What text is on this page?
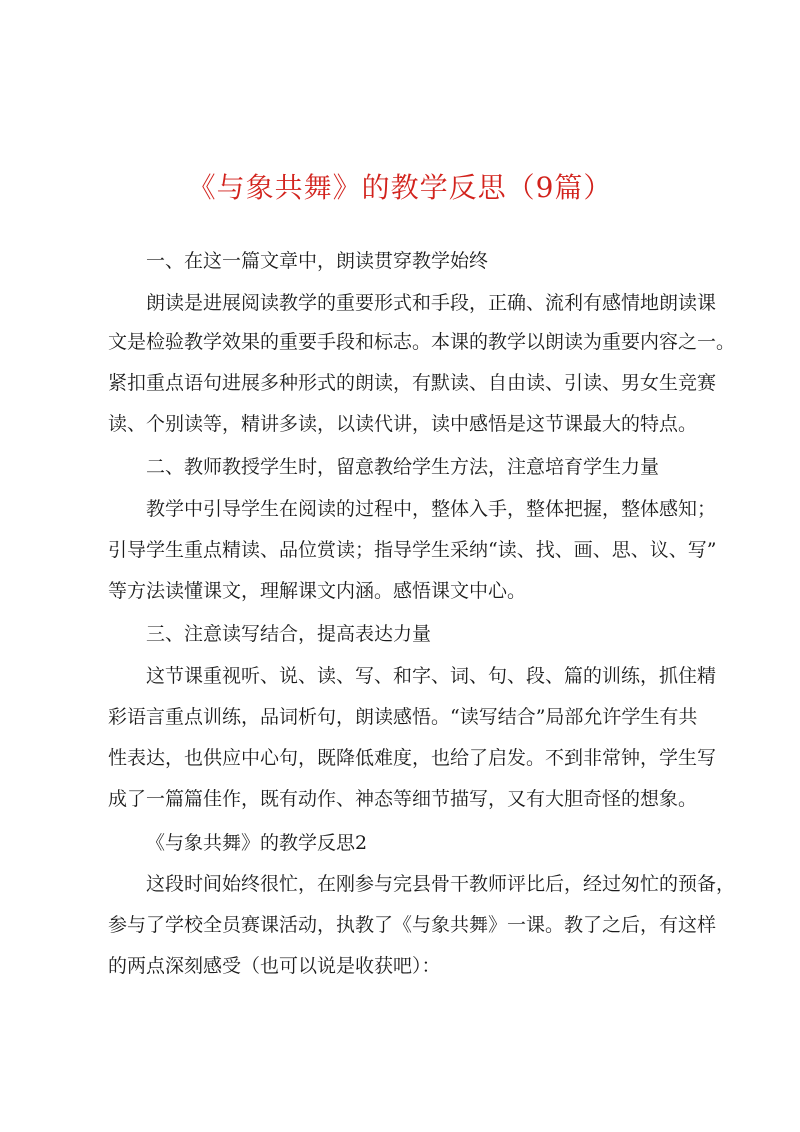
《与象共舞》的教学反思（9篇）
一、在这一篇文章中，朗读贯穿教学始终
朗读是进展阅读教学的重要形式和手段，正确、流利有感情地朗读课
文是检验教学效果的重要手段和标志。本课的教学以朗读为重要内容之一。
紧扣重点语句进展多种形式的朗读，有默读、自由读、引读、男女生竞赛
读、个别读等，精讲多读，以读代讲，读中感悟是这节课最大的特点。
二、教师教授学生时，留意教给学生方法，注意培育学生力量
教学中引导学生在阅读的过程中，整体入手，整体把握，整体感知；
引导学生重点精读、品位赏读；指导学生采纳“读、找、画、思、议、写”
等方法读懂课文，理解课文内涵。感悟课文中心。
三、注意读写结合，提高表达力量
这节课重视听、说、读、写、和字、词、句、段、篇的训练，抓住精
彩语言重点训练，品词析句，朗读感悟。“读写结合”局部允许学生有共
性表达，也供应中心句，既降低难度，也给了启发。不到非常钟，学生写
成了一篇篇佳作，既有动作、神态等细节描写，又有大胆奇怪的想象。
《与象共舞》的教学反思2
这段时间始终很忙，在刚参与完县骨干教师评比后，经过匆忙的预备，
参与了学校全员赛课活动，执教了《与象共舞》一课。教了之后，有这样
的两点深刻感受（也可以说是收获吧）：
